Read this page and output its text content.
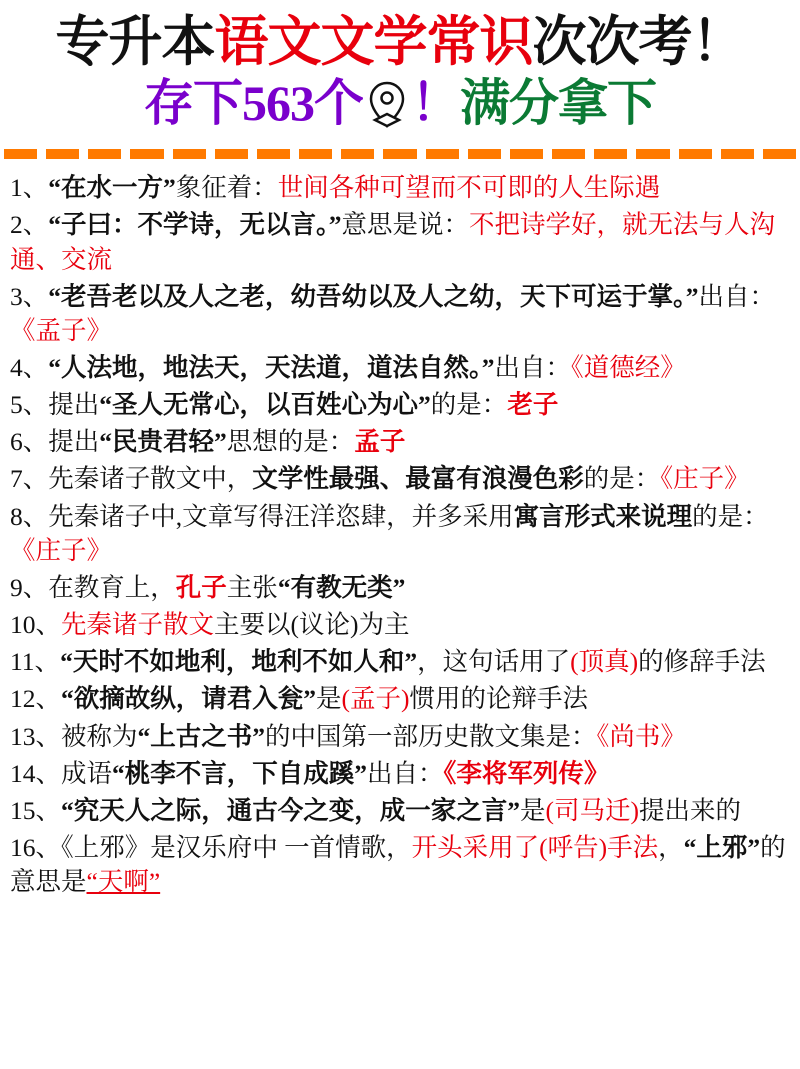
专升本 语文文学常识 次次考！
存下563个 ！ 满分拿下
1、“在水一方”象征着：世间各种可望而不可即的人生际遇
2、“子曰：不学诗，无以言。”意思是说：不把诗学好，就无法与人沟通、交流
3、“老吾老以及人之老，幼吾幼以及人之幼，天下可运于掌。”出自：《孟子》
4、“人法地，地法天，天法道，道法自然。”出自：《道德经》
5、提出“圣人无常心，以百姓心为心”的是：老子
6、提出“民贵君轻”思想的是：孟子
7、先秦诸子散文中，文学性最强、最富有浪漫色彩的是：《庄子》
8、先秦诸子中,文章写得汪洋恣肆，并多采用寓言形式来说理的是：《庄子》
9、在教育上，孔子主张“有教无类”
10、先秦诸子散文主要以(议论)为主
11、“天时不如地利，地利不如人和”，这句话用了(顶真)的修辞手法
12、“欲摘故纵，请君入瓮”是(孟子)惯用的论辩手法
13、被称为“上古之书”的中国第一部历史散文集是：《尚书》
14、成语“桃李不言，下自成蹊”出自：《李将军列传》
15、“究天人之际，通古今之变，成一家之言”是(司马迁)提出来的
16、《上邪》是汉乐府中 一首情歌，开头采用了(呼告)手法，“上邪”的意思是“天啊”
